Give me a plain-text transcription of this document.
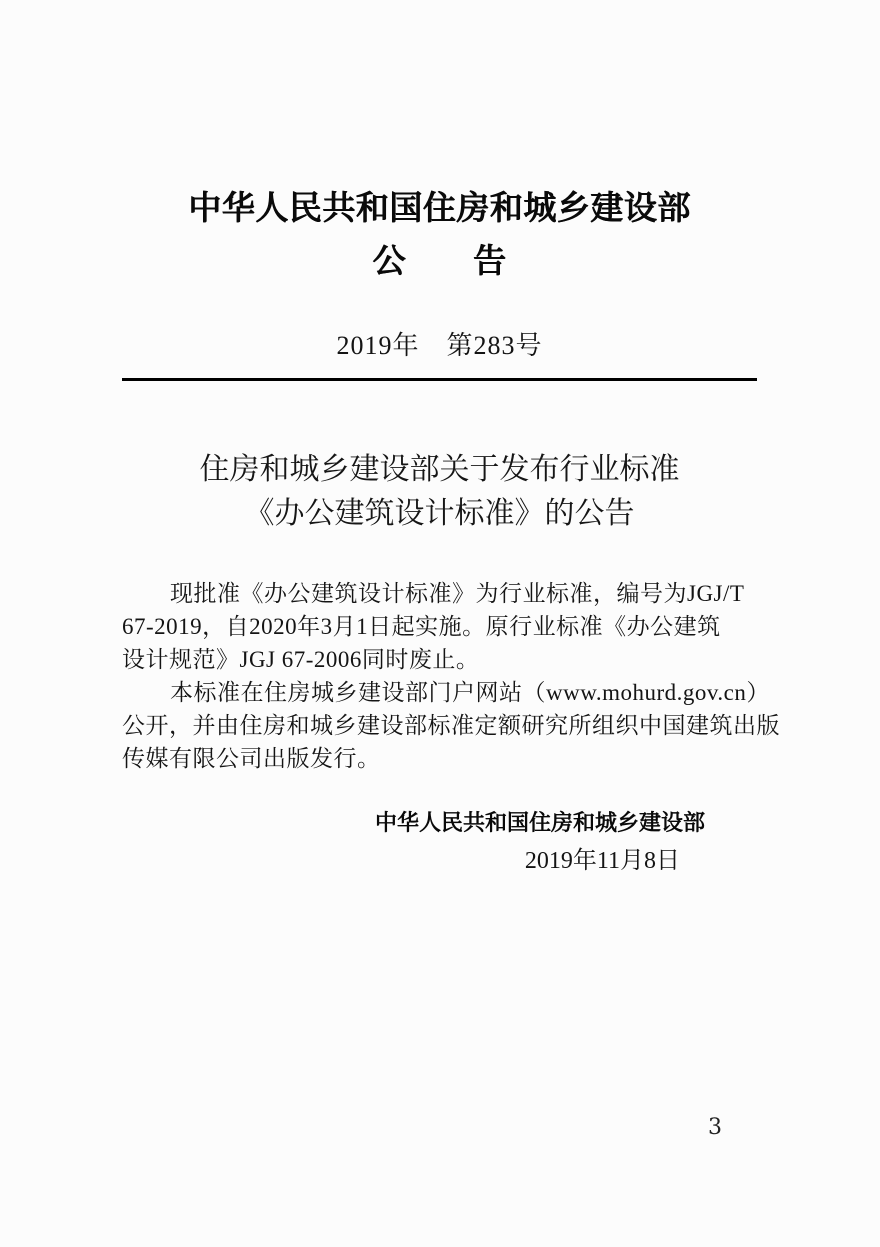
中华人民共和国住房和城乡建设部
公　　告
2019年　第283号
住房和城乡建设部关于发布行业标准
《办公建筑设计标准》的公告
现批准《办公建筑设计标准》为行业标准，编号为JGJ/T
67-2019，自2020年3月1日起实施。原行业标准《办公建筑
设计规范》JGJ 67-2006同时废止。
本标准在住房城乡建设部门户网站（www.mohurd.gov.cn）
公开，并由住房和城乡建设部标准定额研究所组织中国建筑出版
传媒有限公司出版发行。
中华人民共和国住房和城乡建设部
2019年11月8日
3
